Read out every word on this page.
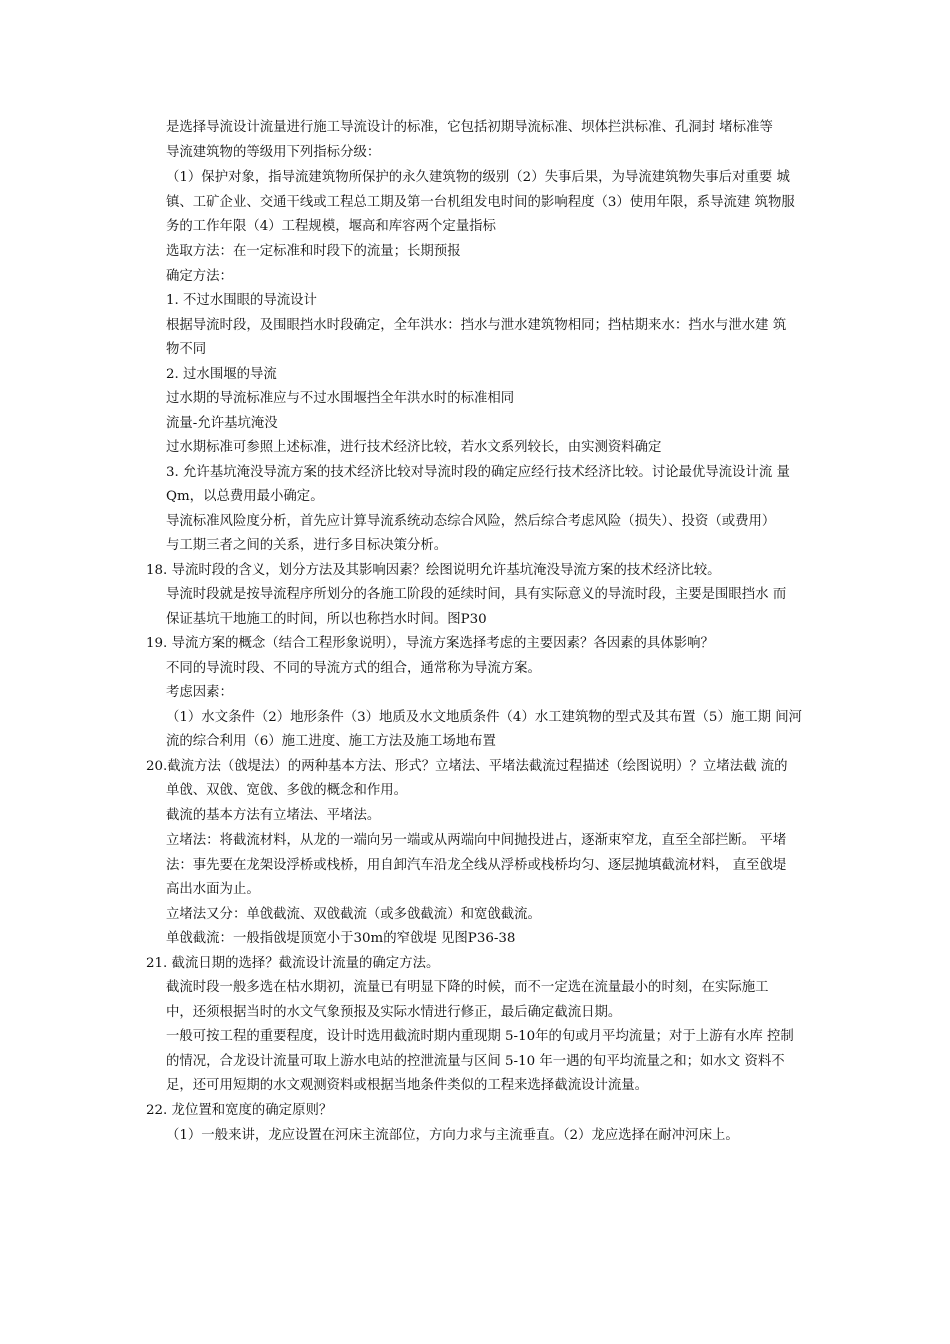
是选择导流设计流量进行施工导流设计的标准，它包括初期导流标准、坝体拦洪标准、孔洞封 堵标准等
导流建筑物的等级用下列指标分级：
（1）保护对象，指导流建筑物所保护的永久建筑物的级别（2）失事后果，为导流建筑物失事后对重要 城
镇、工矿企业、交通干线或工程总工期及第一台机组发电时间的影响程度（3）使用年限，系导流建 筑物服
务的工作年限（4）工程规模，堰高和库容两个定量指标
选取方法：在一定标准和时段下的流量；长期预报
确定方法：
1. 不过水围眼的导流设计
根据导流时段，及围眼挡水时段确定，全年洪水：挡水与泄水建筑物相同；挡枯期来水：挡水与泄水建 筑
物不同
2. 过水围堰的导流
过水期的导流标准应与不过水围堰挡全年洪水时的标准相同
流量-允许基坑淹没
过水期标准可参照上述标准，进行技术经济比较，若水文系列较长，由实测资料确定
3. 允许基坑淹没导流方案的技术经济比较对导流时段的确定应经行技术经济比较。讨论最优导流设计流 量
Qm，以总费用最小确定。
导流标准风险度分析，首先应计算导流系统动态综合风险，然后综合考虑风险（损失）、投资（或费用）
与工期三者之间的关系，进行多目标决策分析。
18. 导流时段的含义，划分方法及其影响因素？绘图说明允许基坑淹没导流方案的技术经济比较。
导流时段就是按导流程序所划分的各施工阶段的延续时间，具有实际意义的导流时段，主要是围眼挡水 而
保证基坑干地施工的时间，所以也称挡水时间。图P30
19. 导流方案的概念（结合工程形象说明），导流方案选择考虑的主要因素？各因素的具体影响？
不同的导流时段、不同的导流方式的组合，通常称为导流方案。
考虑因素：
（1）水文条件（2）地形条件（3）地质及水文地质条件（4）水工建筑物的型式及其布置（5）施工期 间河
流的综合利用（6）施工进度、施工方法及施工场地布置
20.截流方法（戗堤法）的两种基本方法、形式？立堵法、平堵法截流过程描述（绘图说明）？立堵法截 流的
单戗、双戗、宽戗、多戗的概念和作用。
截流的基本方法有立堵法、平堵法。
立堵法：将截流材料，从龙的一端向另一端或从两端向中间抛投进占，逐渐束窄龙，直至全部拦断。 平堵
法：事先要在龙架设浮桥或栈桥，用自卸汽车沿龙全线从浮桥或栈桥均匀、逐层抛填截流材料， 直至戗堤
高出水面为止。
立堵法又分：单戗截流、双戗截流（或多戗截流）和宽戗截流。
单戗截流：一般指戗堤顶宽小于30m的窄戗堤 见图P36-38
21. 截流日期的选择？截流设计流量的确定方法。
截流时段一般多选在枯水期初，流量已有明显下降的时候，而不一定选在流量最小的时刻，在实际施工
中，还须根据当时的水文气象预报及实际水情进行修正，最后确定截流日期。
一般可按工程的重要程度，设计时选用截流时期内重现期 5-10年的旬或月平均流量；对于上游有水库 控制
的情况，合龙设计流量可取上游水电站的控泄流量与区间 5-10 年一遇的旬平均流量之和；如水文 资料不
足，还可用短期的水文观测资料或根据当地条件类似的工程来选择截流设计流量。
22. 龙位置和宽度的确定原则？
（1）一般来讲，龙应设置在河床主流部位，方向力求与主流垂直。（2）龙应选择在耐冲河床上。
